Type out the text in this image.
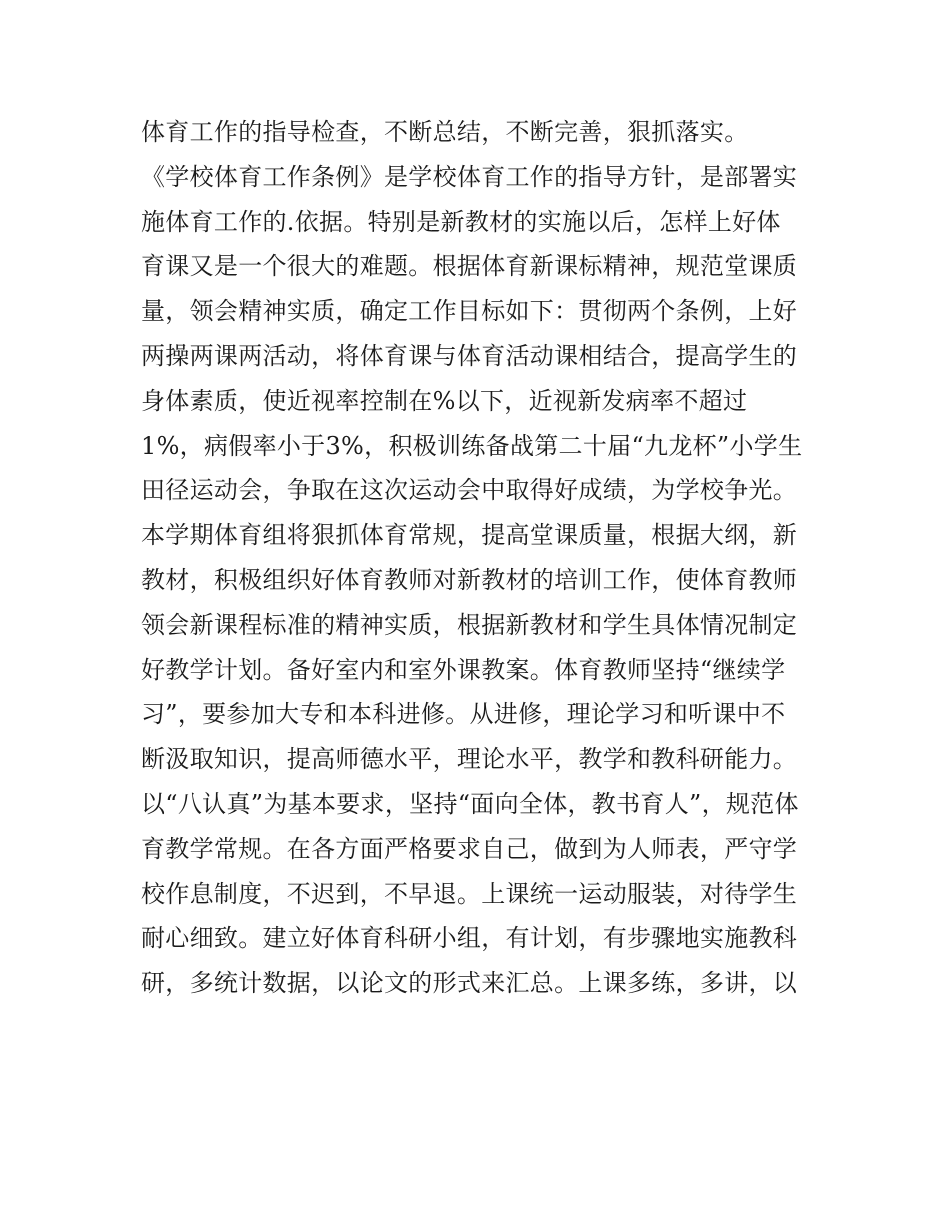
体育工作的指导检查，不断总结，不断完善，狠抓落实。
《学校体育工作条例》是学校体育工作的指导方针，是部署实
施体育工作的.依据。特别是新教材的实施以后，怎样上好体
育课又是一个很大的难题。根据体育新课标精神，规范堂课质
量，领会精神实质，确定工作目标如下：贯彻两个条例，上好
两操两课两活动，将体育课与体育活动课相结合，提高学生的
身体素质，使近视率控制在%以下，近视新发病率不超过
1%，病假率小于3%，积极训练备战第二十届“九龙杯”小学生
田径运动会，争取在这次运动会中取得好成绩，为学校争光。
本学期体育组将狠抓体育常规，提高堂课质量，根据大纲，新
教材，积极组织好体育教师对新教材的培训工作，使体育教师
领会新课程标准的精神实质，根据新教材和学生具体情况制定
好教学计划。备好室内和室外课教案。体育教师坚持“继续学
习”，要参加大专和本科进修。从进修，理论学习和听课中不
断汲取知识，提高师德水平，理论水平，教学和教科研能力。
以“八认真”为基本要求，坚持“面向全体，教书育人”，规范体
育教学常规。在各方面严格要求自己，做到为人师表，严守学
校作息制度，不迟到，不早退。上课统一运动服装，对待学生
耐心细致。建立好体育科研小组，有计划，有步骤地实施教科
研，多统计数据，以论文的形式来汇总。上课多练，多讲，以
